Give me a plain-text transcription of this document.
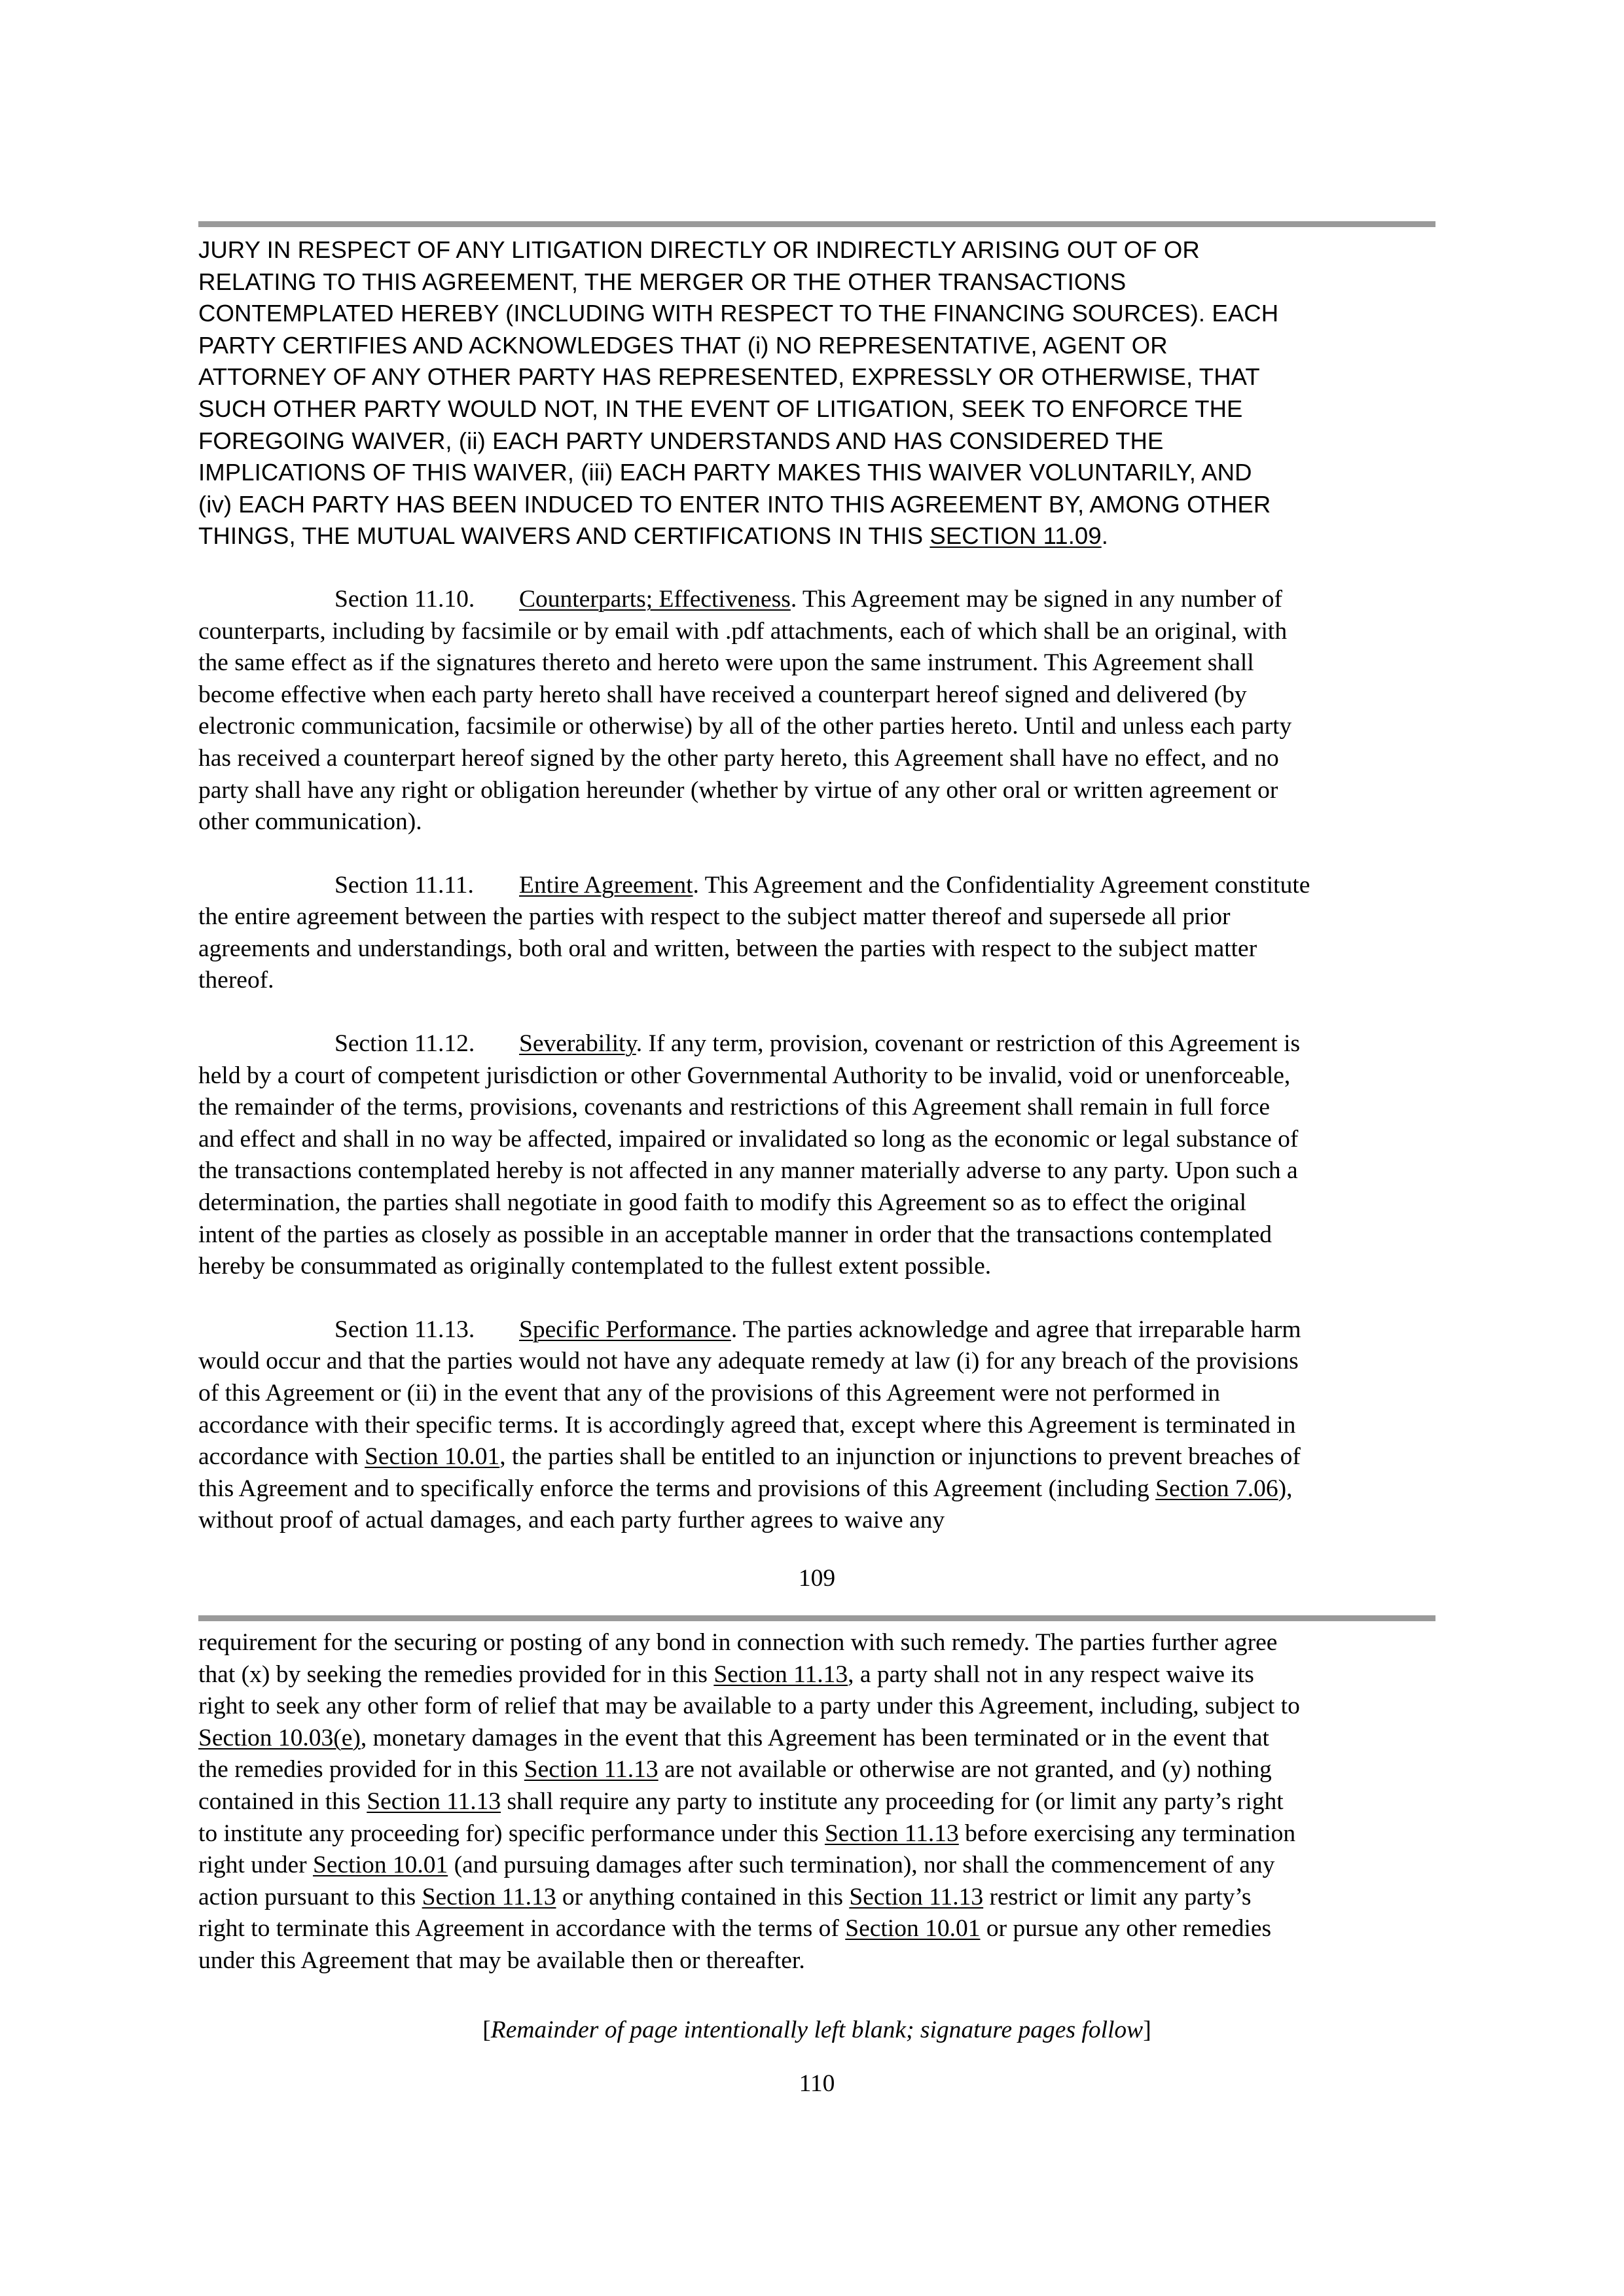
JURY IN RESPECT OF ANY LITIGATION DIRECTLY OR INDIRECTLY ARISING OUT OF OR
RELATING TO THIS AGREEMENT, THE MERGER OR THE OTHER TRANSACTIONS
CONTEMPLATED HEREBY (INCLUDING WITH RESPECT TO THE FINANCING SOURCES). EACH
PARTY CERTIFIES AND ACKNOWLEDGES THAT (i) NO REPRESENTATIVE, AGENT OR
ATTORNEY OF ANY OTHER PARTY HAS REPRESENTED, EXPRESSLY OR OTHERWISE, THAT
SUCH OTHER PARTY WOULD NOT, IN THE EVENT OF LITIGATION, SEEK TO ENFORCE THE
FOREGOING WAIVER, (ii) EACH PARTY UNDERSTANDS AND HAS CONSIDERED THE
IMPLICATIONS OF THIS WAIVER, (iii) EACH PARTY MAKES THIS WAIVER VOLUNTARILY, AND
(iv) EACH PARTY HAS BEEN INDUCED TO ENTER INTO THIS AGREEMENT BY, AMONG OTHER
THINGS, THE MUTUAL WAIVERS AND CERTIFICATIONS IN THIS SECTION 11.09.

Section 11.10. Counterparts; Effectiveness. This Agreement may be signed in any number of
counterparts, including by facsimile or by email with .pdf attachments, each of which shall be an original, with
the same effect as if the signatures thereto and hereto were upon the same instrument. This Agreement shall
become effective when each party hereto shall have received a counterpart hereof signed and delivered (by
electronic communication, facsimile or otherwise) by all of the other parties hereto. Until and unless each party
has received a counterpart hereof signed by the other party hereto, this Agreement shall have no effect, and no
party shall have any right or obligation hereunder (whether by virtue of any other oral or written agreement or
other communication).

Section 11.11. Entire Agreement. This Agreement and the Confidentiality Agreement constitute
the entire agreement between the parties with respect to the subject matter thereof and supersede all prior
agreements and understandings, both oral and written, between the parties with respect to the subject matter
thereof.

Section 11.12. Severability. If any term, provision, covenant or restriction of this Agreement is
held by a court of competent jurisdiction or other Governmental Authority to be invalid, void or unenforceable,
the remainder of the terms, provisions, covenants and restrictions of this Agreement shall remain in full force
and effect and shall in no way be affected, impaired or invalidated so long as the economic or legal substance of
the transactions contemplated hereby is not affected in any manner materially adverse to any party. Upon such a
determination, the parties shall negotiate in good faith to modify this Agreement so as to effect the original
intent of the parties as closely as possible in an acceptable manner in order that the transactions contemplated
hereby be consummated as originally contemplated to the fullest extent possible.

Section 11.13. Specific Performance. The parties acknowledge and agree that irreparable harm
would occur and that the parties would not have any adequate remedy at law (i) for any breach of the provisions
of this Agreement or (ii) in the event that any of the provisions of this Agreement were not performed in
accordance with their specific terms. It is accordingly agreed that, except where this Agreement is terminated in
accordance with Section 10.01, the parties shall be entitled to an injunction or injunctions to prevent breaches of
this Agreement and to specifically enforce the terms and provisions of this Agreement (including Section 7.06),
without proof of actual damages, and each party further agrees to waive any

109

requirement for the securing or posting of any bond in connection with such remedy. The parties further agree
that (x) by seeking the remedies provided for in this Section 11.13, a party shall not in any respect waive its
right to seek any other form of relief that may be available to a party under this Agreement, including, subject to
Section 10.03(e), monetary damages in the event that this Agreement has been terminated or in the event that
the remedies provided for in this Section 11.13 are not available or otherwise are not granted, and (y) nothing
contained in this Section 11.13 shall require any party to institute any proceeding for (or limit any party’s right
to institute any proceeding for) specific performance under this Section 11.13 before exercising any termination
right under Section 10.01 (and pursuing damages after such termination), nor shall the commencement of any
action pursuant to this Section 11.13 or anything contained in this Section 11.13 restrict or limit any party’s
right to terminate this Agreement in accordance with the terms of Section 10.01 or pursue any other remedies
under this Agreement that may be available then or thereafter.

[Remainder of page intentionally left blank; signature pages follow]
110
